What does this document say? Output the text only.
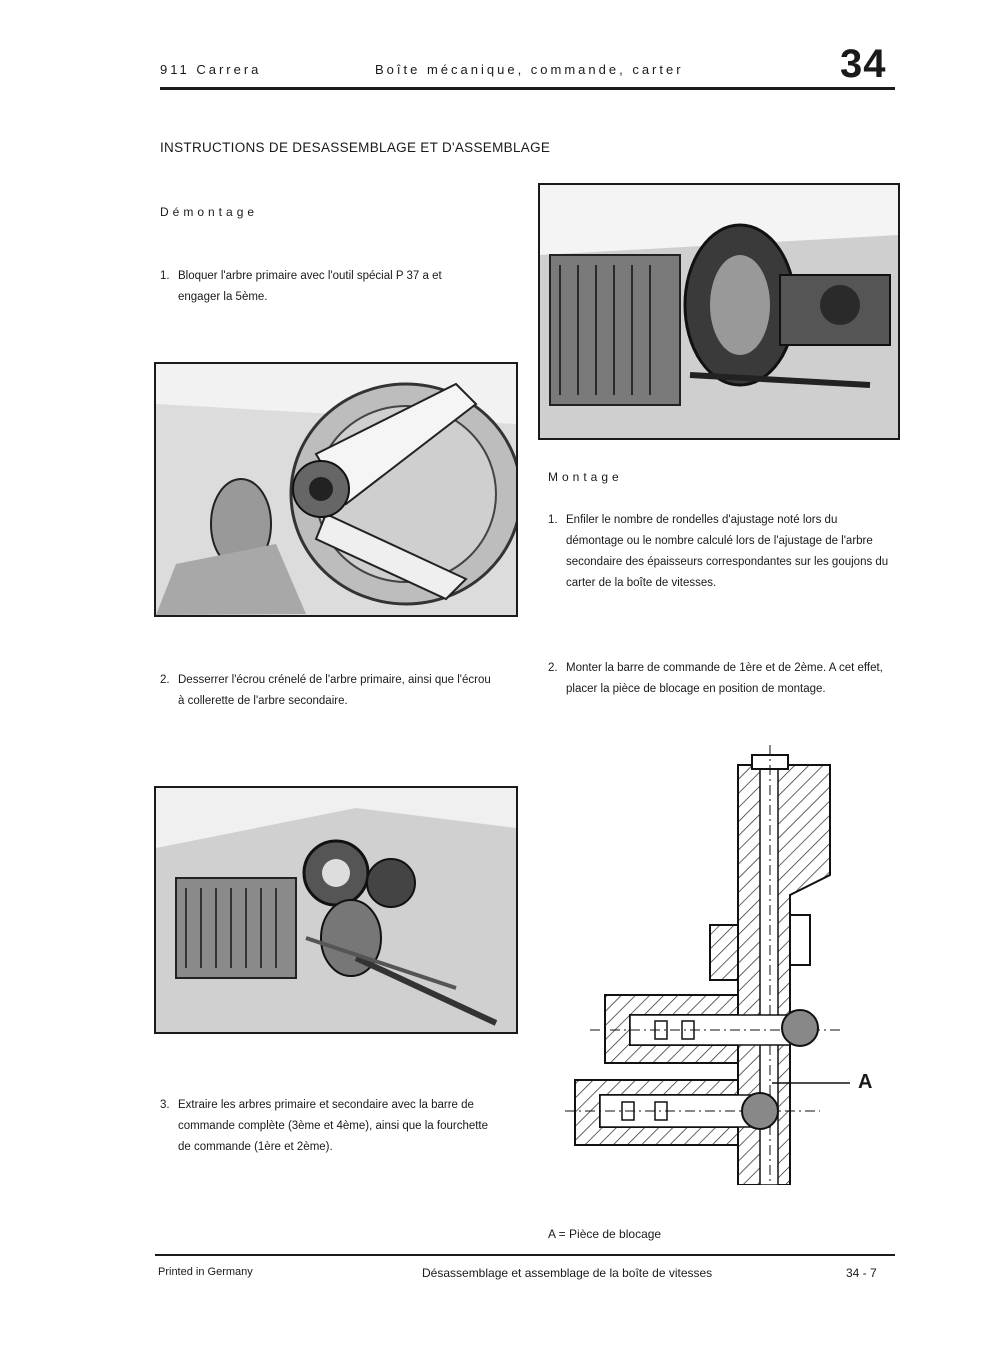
911 Carrera	Boîte mécanique, commande, carter	34
INSTRUCTIONS DE DESASSEMBLAGE ET D'ASSEMBLAGE
Démontage
1. Bloquer l'arbre primaire avec l'outil spécial P 37 a et engager la 5ème.
2. Desserrer l'écrou crénelé de l'arbre primaire, ainsi que l'écrou à collerette de l'arbre secondaire.
3. Extraire les arbres primaire et secondaire avec la barre de commande complète (3ème et 4ème), ainsi que la fourchette de commande (1ère et 2ème).
Montage
1. Enfiler le nombre de rondelles d'ajustage noté lors du démontage ou le nombre calculé lors de l'ajustage de l'arbre secondaire des épaisseurs correspondantes sur les goujons du carter de la boîte de vitesses.
2. Monter la barre de commande de 1ère et de 2ème. A cet effet, placer la pièce de blocage en position de montage.
A
A = Pièce de blocage
Printed in Germany	Désassemblage et assemblage de la boîte de vitesses	34 - 7
